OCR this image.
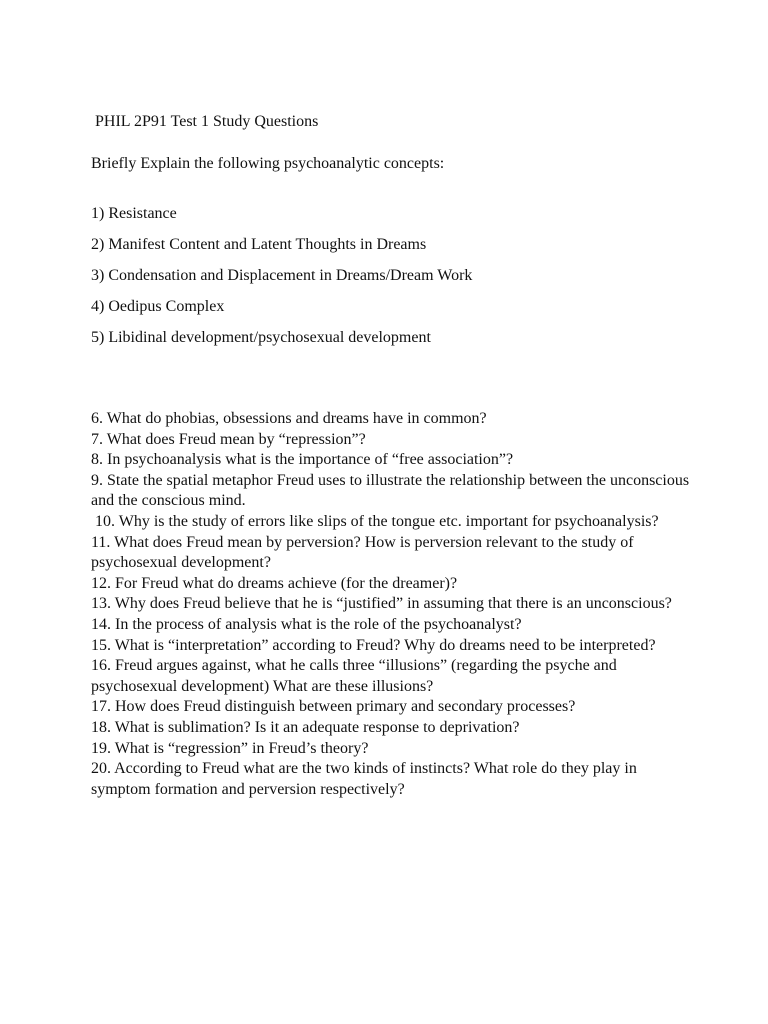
PHIL 2P91 Test 1 Study Questions
Briefly Explain the following psychoanalytic concepts:
1) Resistance
2) Manifest Content and Latent Thoughts in Dreams
3) Condensation and Displacement in Dreams/Dream Work
4) Oedipus Complex
5) Libidinal development/psychosexual development
6. What do phobias, obsessions and dreams have in common?
7. What does Freud mean by “repression”?
8. In psychoanalysis what is the importance of “free association”?
9. State the spatial metaphor Freud uses to illustrate the relationship between the unconscious and the conscious mind.
10. Why is the study of errors like slips of the tongue etc. important for psychoanalysis?
11. What does Freud mean by perversion? How is perversion relevant to the study of psychosexual development?
12. For Freud what do dreams achieve (for the dreamer)?
13. Why does Freud believe that he is “justified” in assuming that there is an unconscious?
14. In the process of analysis what is the role of the psychoanalyst?
15. What is “interpretation” according to Freud? Why do dreams need to be interpreted?
16. Freud argues against, what he calls three “illusions” (regarding the psyche and psychosexual development) What are these illusions?
17. How does Freud distinguish between primary and secondary processes?
18. What is sublimation? Is it an adequate response to deprivation?
19. What is “regression” in Freud’s theory?
20. According to Freud what are the two kinds of instincts? What role do they play in symptom formation and perversion respectively?
